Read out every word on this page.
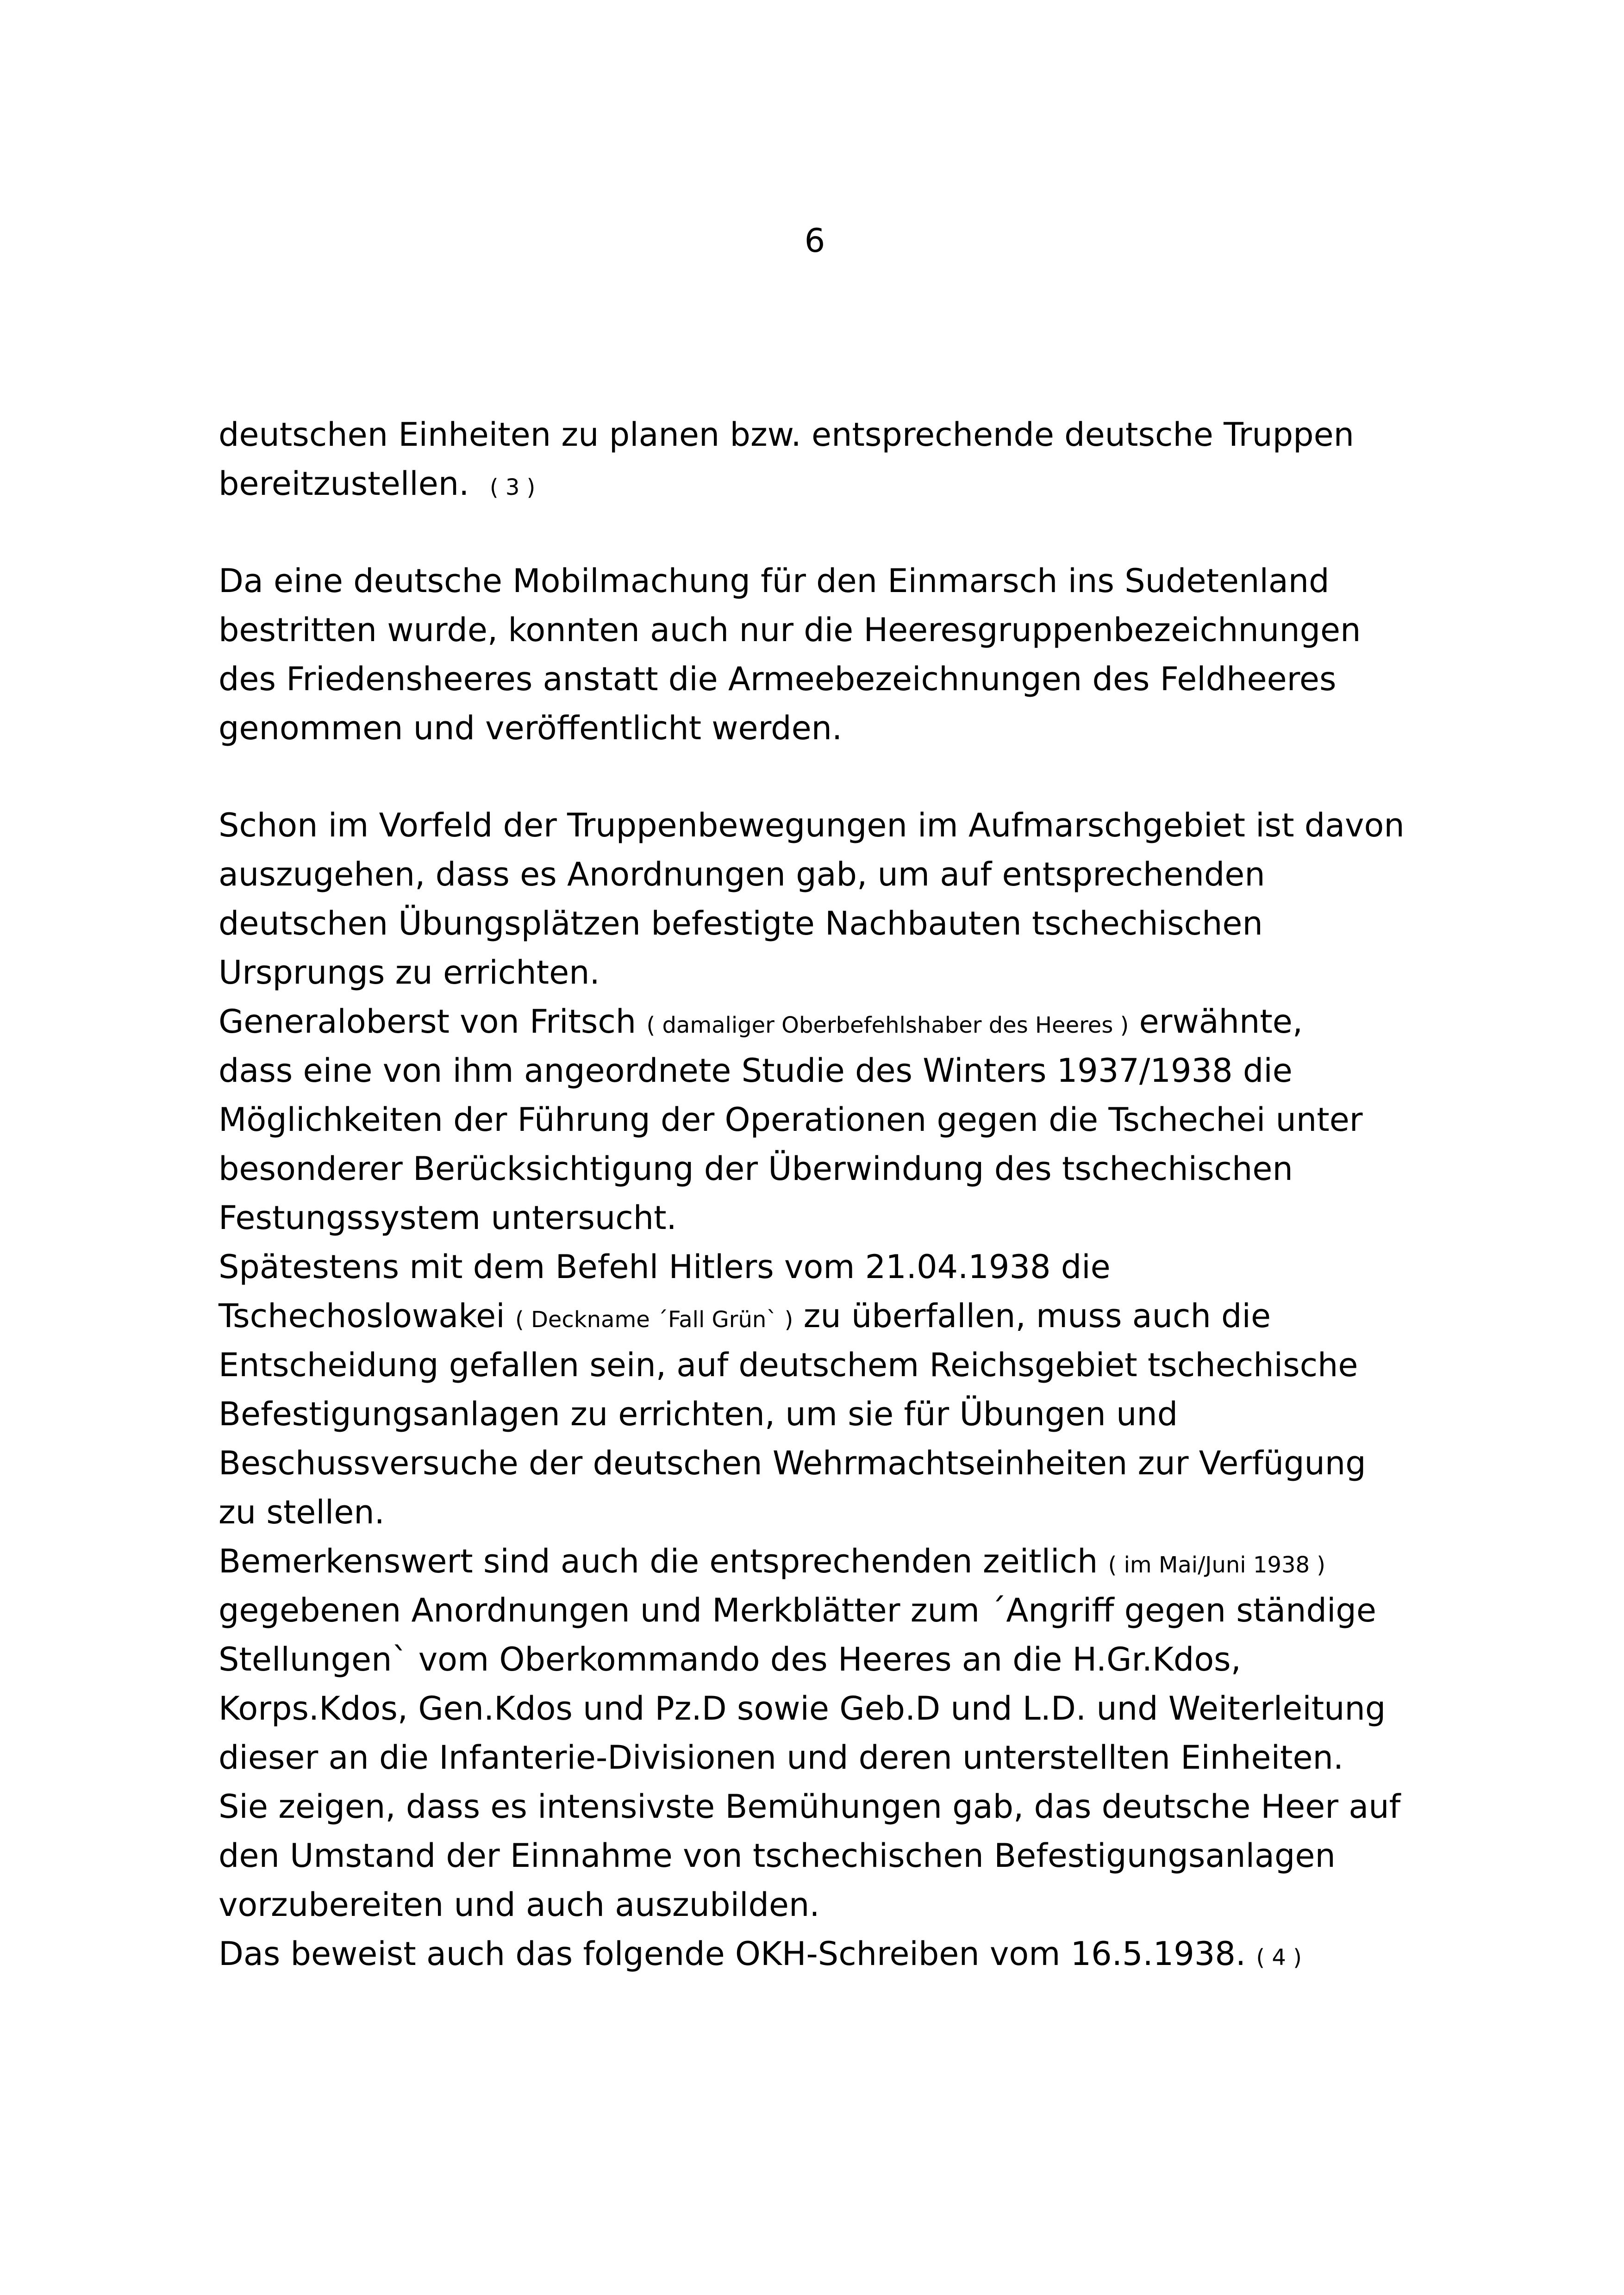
6
deutschen Einheiten zu planen bzw. entsprechende deutsche Truppen
bereitzustellen. ( 3 )
Da eine deutsche Mobilmachung für den Einmarsch ins Sudetenland
bestritten wurde, konnten auch nur die Heeresgruppenbezeichnungen
des Friedensheeres anstatt die Armeebezeichnungen des Feldheeres
genommen und veröffentlicht werden.
Schon im Vorfeld der Truppenbewegungen im Aufmarschgebiet ist davon
auszugehen, dass es Anordnungen gab, um auf entsprechenden
deutschen Übungsplätzen befestigte Nachbauten tschechischen
Ursprungs zu errichten.
Generaloberst von Fritsch ( damaliger Oberbefehlshaber des Heeres ) erwähnte,
dass eine von ihm angeordnete Studie des Winters 1937/1938 die
Möglichkeiten der Führung der Operationen gegen die Tschechei unter
besonderer Berücksichtigung der Überwindung des tschechischen
Festungssystem untersucht.
Spätestens mit dem Befehl Hitlers vom 21.04.1938 die
Tschechoslowakei ( Deckname ´Fall Grün` ) zu überfallen, muss auch die
Entscheidung gefallen sein, auf deutschem Reichsgebiet tschechische
Befestigungsanlagen zu errichten, um sie für Übungen und
Beschussversuche der deutschen Wehrmachtseinheiten zur Verfügung
zu stellen.
Bemerkenswert sind auch die entsprechenden zeitlich ( im Mai/Juni 1938 )
gegebenen Anordnungen und Merkblätter zum ´Angriff gegen ständige
Stellungen` vom Oberkommando des Heeres an die H.Gr.Kdos,
Korps.Kdos, Gen.Kdos und Pz.D sowie Geb.D und L.D. und Weiterleitung
dieser an die Infanterie-Divisionen und deren unterstellten Einheiten.
Sie zeigen, dass es intensivste Bemühungen gab, das deutsche Heer auf
den Umstand der Einnahme von tschechischen Befestigungsanlagen
vorzubereiten und auch auszubilden.
Das beweist auch das folgende OKH-Schreiben vom 16.5.1938. ( 4 )
